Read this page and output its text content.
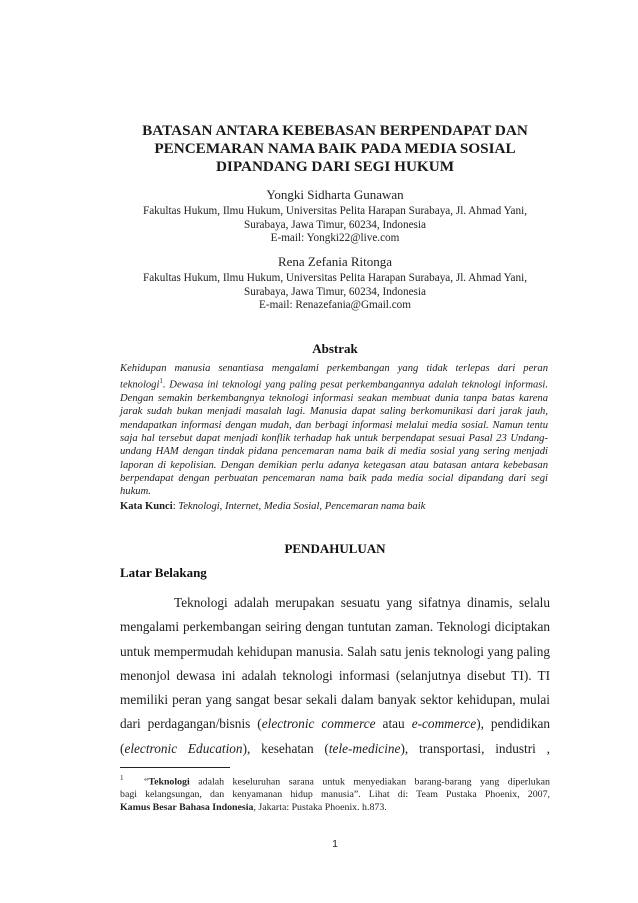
BATASAN ANTARA KEBEBASAN BERPENDAPAT DAN
PENCEMARAN NAMA BAIK PADA MEDIA SOSIAL
DIPANDANG DARI SEGI HUKUM
Yongki Sidharta Gunawan
Fakultas Hukum, Ilmu Hukum, Universitas Pelita Harapan Surabaya, Jl. Ahmad Yani,
Surabaya, Jawa Timur, 60234, Indonesia
E-mail: Yongki22@live.com
Rena Zefania Ritonga
Fakultas Hukum, Ilmu Hukum, Universitas Pelita Harapan Surabaya, Jl. Ahmad Yani,
Surabaya, Jawa Timur, 60234, Indonesia
E-mail: Renazefania@Gmail.com
Abstrak
Kehidupan manusia senantiasa mengalami perkembangan yang tidak terlepas dari peran
teknologi$^1$. Dewasa ini teknologi yang paling pesat perkembangannya adalah teknologi informasi.
Dengan semakin berkembangnya teknologi informasi seakan membuat dunia tanpa batas karena
jarak sudah bukan menjadi masalah lagi. Manusia dapat saling berkomunikasi dari jarak jauh,
mendapatkan informasi dengan mudah, dan berbagi informasi melalui media sosial. Namun tentu
saja hal tersebut dapat menjadi konflik terhadap hak untuk berpendapat sesuai Pasal 23 Undang-
undang HAM dengan tindak pidana pencemaran nama baik di media sosial yang sering menjadi
laporan di kepolisian. Dengan demikian perlu adanya ketegasan atau batasan antara kebebasan
berpendapat dengan perbuatan pencemaran nama baik pada media social dipandang dari segi
hukum.
Kata Kunci: Teknologi, Internet, Media Sosial, Pencemaran nama baik
PENDAHULUAN
Latar Belakang
Teknologi adalah merupakan sesuatu yang sifatnya dinamis, selalu
mengalami perkembangan seiring dengan tuntutan zaman. Teknologi diciptakan
untuk mempermudah kehidupan manusia. Salah satu jenis teknologi yang paling
menonjol dewasa ini adalah teknologi informasi (selanjutnya disebut TI). TI
memiliki peran yang sangat besar sekali dalam banyak sektor kehidupan, mulai
dari perdagangan/bisnis (electronic commerce atau e-commerce), pendidikan
(electronic Education), kesehatan (tele-medicine), transportasi, industri ,
1 “Teknologi adalah keseluruhan sarana untuk menyediakan barang-barang yang diperlukan
bagi kelangsungan, dan kenyamanan hidup manusia”. Lihat di: Team Pustaka Phoenix, 2007,
Kamus Besar Bahasa Indonesia, Jakarta: Pustaka Phoenix. h.873.
1
